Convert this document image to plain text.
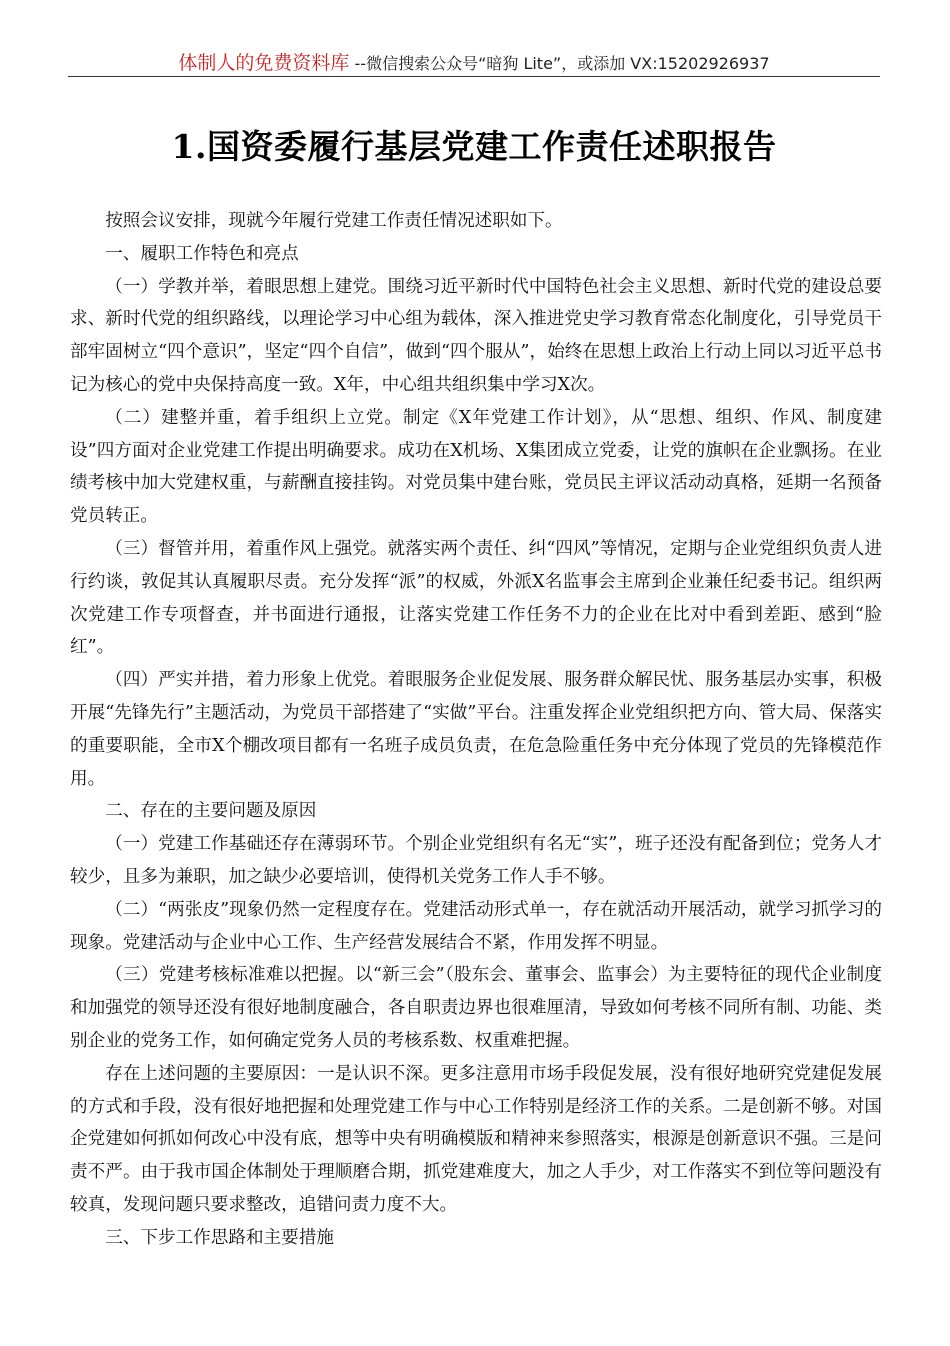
体制人的免费资料库 --微信搜索公众号“暗狗 Lite”，或添加 VX:15202926937
1.国资委履行基层党建工作责任述职报告

按照会议安排，现就今年履行党建工作责任情况述职如下。

一、履职工作特色和亮点

（一）学教并举，着眼思想上建党。围绕习近平新时代中国特色社会主义思想、新时代党的建设总要求、新时代党的组织路线，以理论学习中心组为载体，深入推进党史学习教育常态化制度化，引导党员干部牢固树立“四个意识”，坚定“四个自信”，做到“四个服从”，始终在思想上政治上行动上同以习近平总书记为核心的党中央保持高度一致。X年，中心组共组织集中学习X次。

（二）建整并重，着手组织上立党。制定《X年党建工作计划》，从“思想、组织、作风、制度建设”四方面对企业党建工作提出明确要求。成功在X机场、X集团成立党委，让党的旗帜在企业飘扬。在业绩考核中加大党建权重，与薪酬直接挂钩。对党员集中建台账，党员民主评议活动动真格，延期一名预备党员转正。

（三）督管并用，着重作风上强党。就落实两个责任、纠“四风”等情况，定期与企业党组织负责人进行约谈，敦促其认真履职尽责。充分发挥“派”的权威，外派X名监事会主席到企业兼任纪委书记。组织两次党建工作专项督查，并书面进行通报，让落实党建工作任务不力的企业在比对中看到差距、感到“脸红”。

（四）严实并措，着力形象上优党。着眼服务企业促发展、服务群众解民忧、服务基层办实事，积极开展“先锋先行”主题活动，为党员干部搭建了“实做”平台。注重发挥企业党组织把方向、管大局、保落实的重要职能，全市X个棚改项目都有一名班子成员负责，在危急险重任务中充分体现了党员的先锋模范作用。

二、存在的主要问题及原因

（一）党建工作基础还存在薄弱环节。个别企业党组织有名无“实”，班子还没有配备到位；党务人才较少，且多为兼职，加之缺少必要培训，使得机关党务工作人手不够。

（二）“两张皮”现象仍然一定程度存在。党建活动形式单一，存在就活动开展活动，就学习抓学习的现象。党建活动与企业中心工作、生产经营发展结合不紧，作用发挥不明显。

（三）党建考核标准难以把握。以“新三会”（股东会、董事会、监事会）为主要特征的现代企业制度和加强党的领导还没有很好地制度融合，各自职责边界也很难厘清，导致如何考核不同所有制、功能、类别企业的党务工作，如何确定党务人员的考核系数、权重难把握。

存在上述问题的主要原因：一是认识不深。更多注意用市场手段促发展，没有很好地研究党建促发展的方式和手段，没有很好地把握和处理党建工作与中心工作特别是经济工作的关系。二是创新不够。对国企党建如何抓如何改心中没有底，想等中央有明确模版和精神来参照落实，根源是创新意识不强。三是问责不严。由于我市国企体制处于理顺磨合期，抓党建难度大，加之人手少，对工作落实不到位等问题没有较真，发现问题只要求整改，追错问责力度不大。

三、下步工作思路和主要措施
